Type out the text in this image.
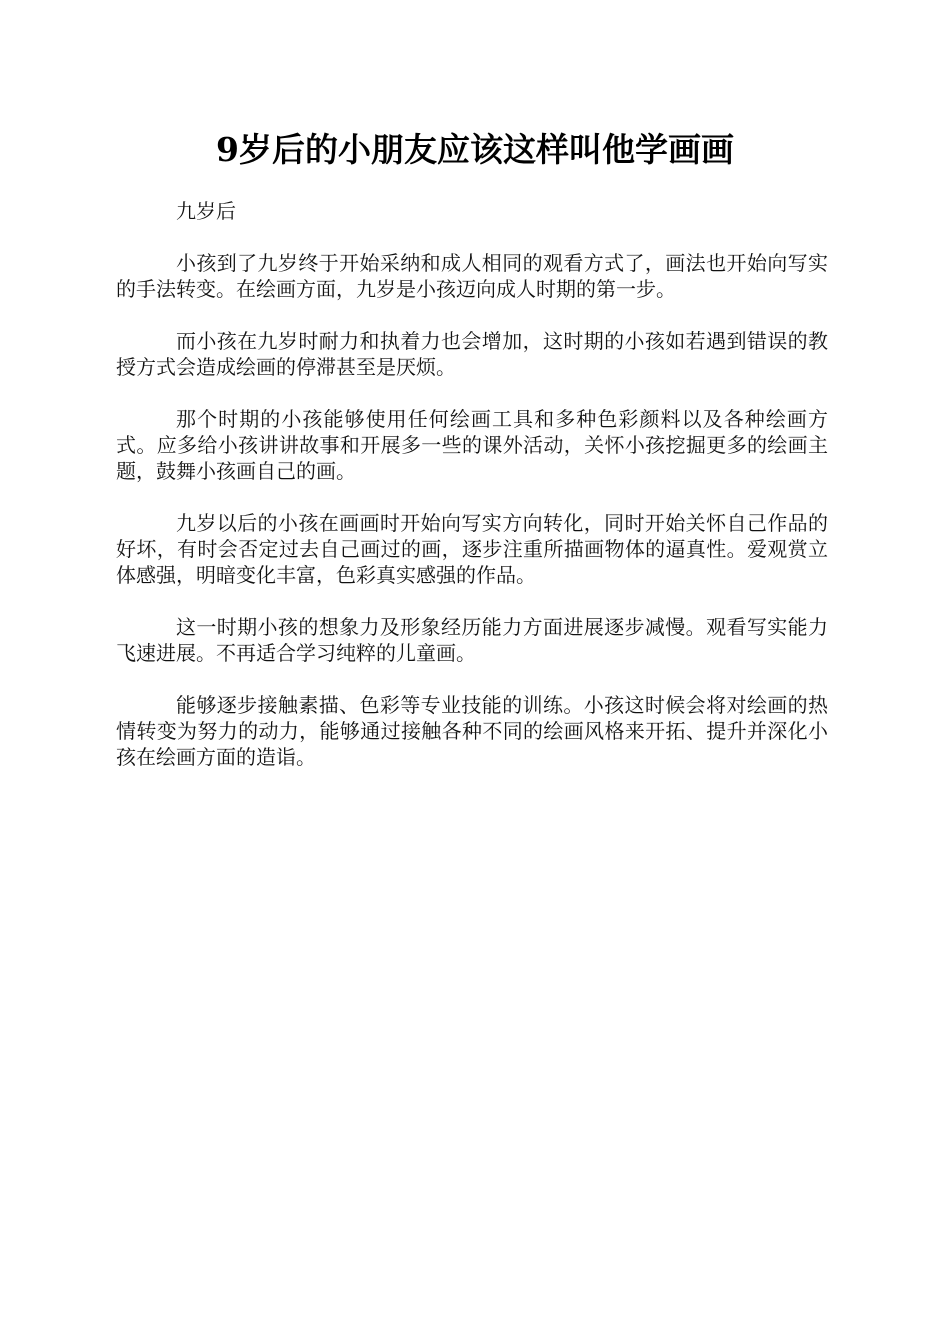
9岁后的小朋友应该这样叫他学画画

九岁后

小孩到了九岁终于开始采纳和成人相同的观看方式了，画法也开始向写实的手法转变。在绘画方面，九岁是小孩迈向成人时期的第一步。

而小孩在九岁时耐力和执着力也会增加，这时期的小孩如若遇到错误的教授方式会造成绘画的停滞甚至是厌烦。

那个时期的小孩能够使用任何绘画工具和多种色彩颜料以及各种绘画方式。应多给小孩讲讲故事和开展多一些的课外活动，关怀小孩挖掘更多的绘画主题，鼓舞小孩画自己的画。

九岁以后的小孩在画画时开始向写实方向转化，同时开始关怀自己作品的好坏，有时会否定过去自己画过的画，逐步注重所描画物体的逼真性。爱观赏立体感强，明暗变化丰富，色彩真实感强的作品。

这一时期小孩的想象力及形象经历能力方面进展逐步减慢。观看写实能力飞速进展。不再适合学习纯粹的儿童画。

能够逐步接触素描、色彩等专业技能的训练。小孩这时候会将对绘画的热情转变为努力的动力，能够通过接触各种不同的绘画风格来开拓、提升并深化小孩在绘画方面的造诣。
